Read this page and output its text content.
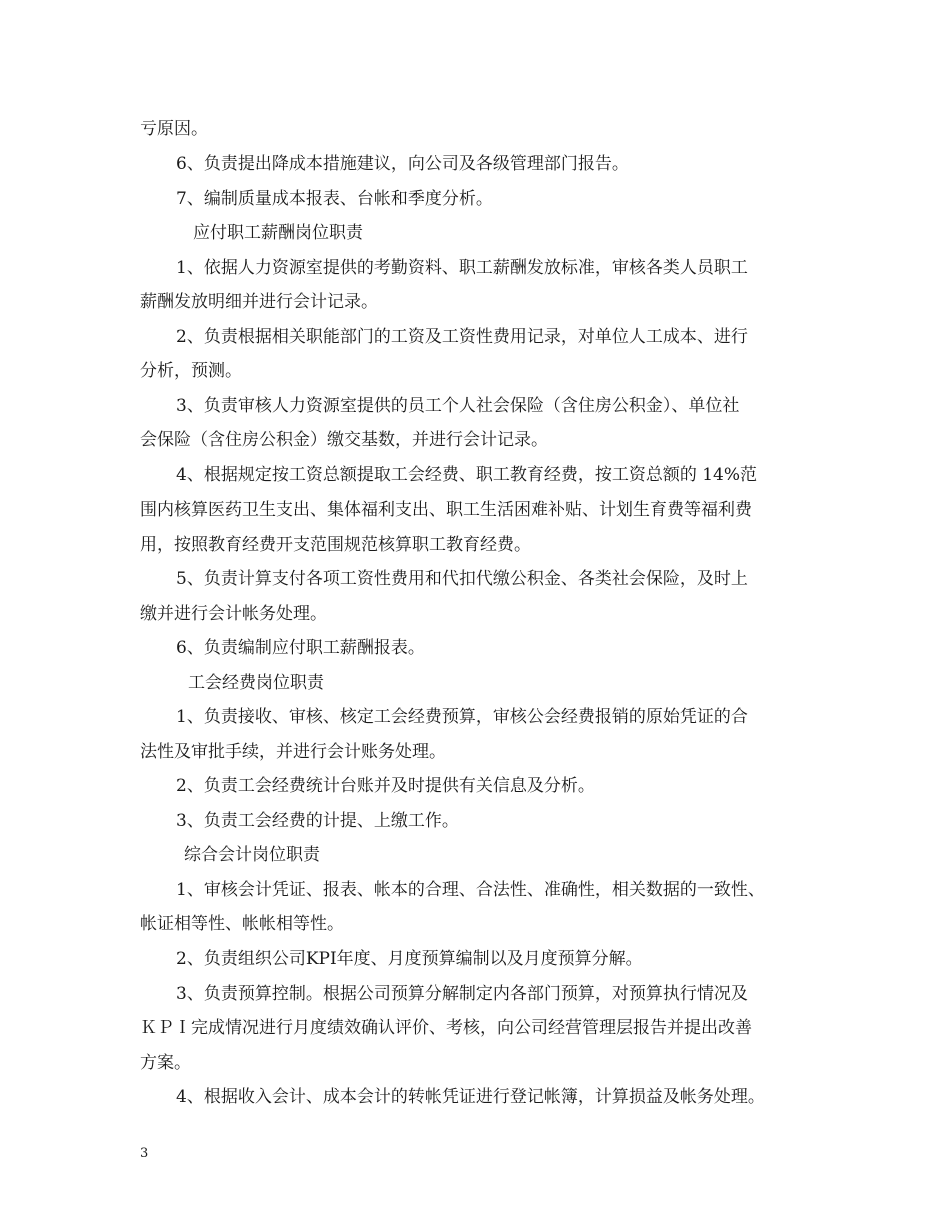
亏原因。
6、负责提出降成本措施建议，向公司及各级管理部门报告。
7、编制质量成本报表、台帐和季度分析。
应付职工薪酬岗位职责
1、依据人力资源室提供的考勤资料、职工薪酬发放标准，审核各类人员职工
薪酬发放明细并进行会计记录。
2、负责根据相关职能部门的工资及工资性费用记录，对单位人工成本、进行
分析，预测。
3、负责审核人力资源室提供的员工个人社会保险（含住房公积金）、单位社
会保险（含住房公积金）缴交基数，并进行会计记录。
4、根据规定按工资总额提取工会经费、职工教育经费，按工资总额的 14%范
围内核算医药卫生支出、集体福利支出、职工生活困难补贴、计划生育费等福利费
用，按照教育经费开支范围规范核算职工教育经费。
5、负责计算支付各项工资性费用和代扣代缴公积金、各类社会保险，及时上
缴并进行会计帐务处理。
6、负责编制应付职工薪酬报表。
工会经费岗位职责
1、负责接收、审核、核定工会经费预算，审核公会经费报销的原始凭证的合
法性及审批手续，并进行会计账务处理。
2、负责工会经费统计台账并及时提供有关信息及分析。
3、负责工会经费的计提、上缴工作。
综合会计岗位职责
1、审核会计凭证、报表、帐本的合理、合法性、准确性，相关数据的一致性、
帐证相等性、帐帐相等性。
2、负责组织公司KPI年度、月度预算编制以及月度预算分解。
3、负责预算控制。根据公司预算分解制定内各部门预算，对预算执行情况及
ＫＰＩ完成情况进行月度绩效确认评价、考核，向公司经营管理层报告并提出改善
方案。
4、根据收入会计、成本会计的转帐凭证进行登记帐簿，计算损益及帐务处理。
3
